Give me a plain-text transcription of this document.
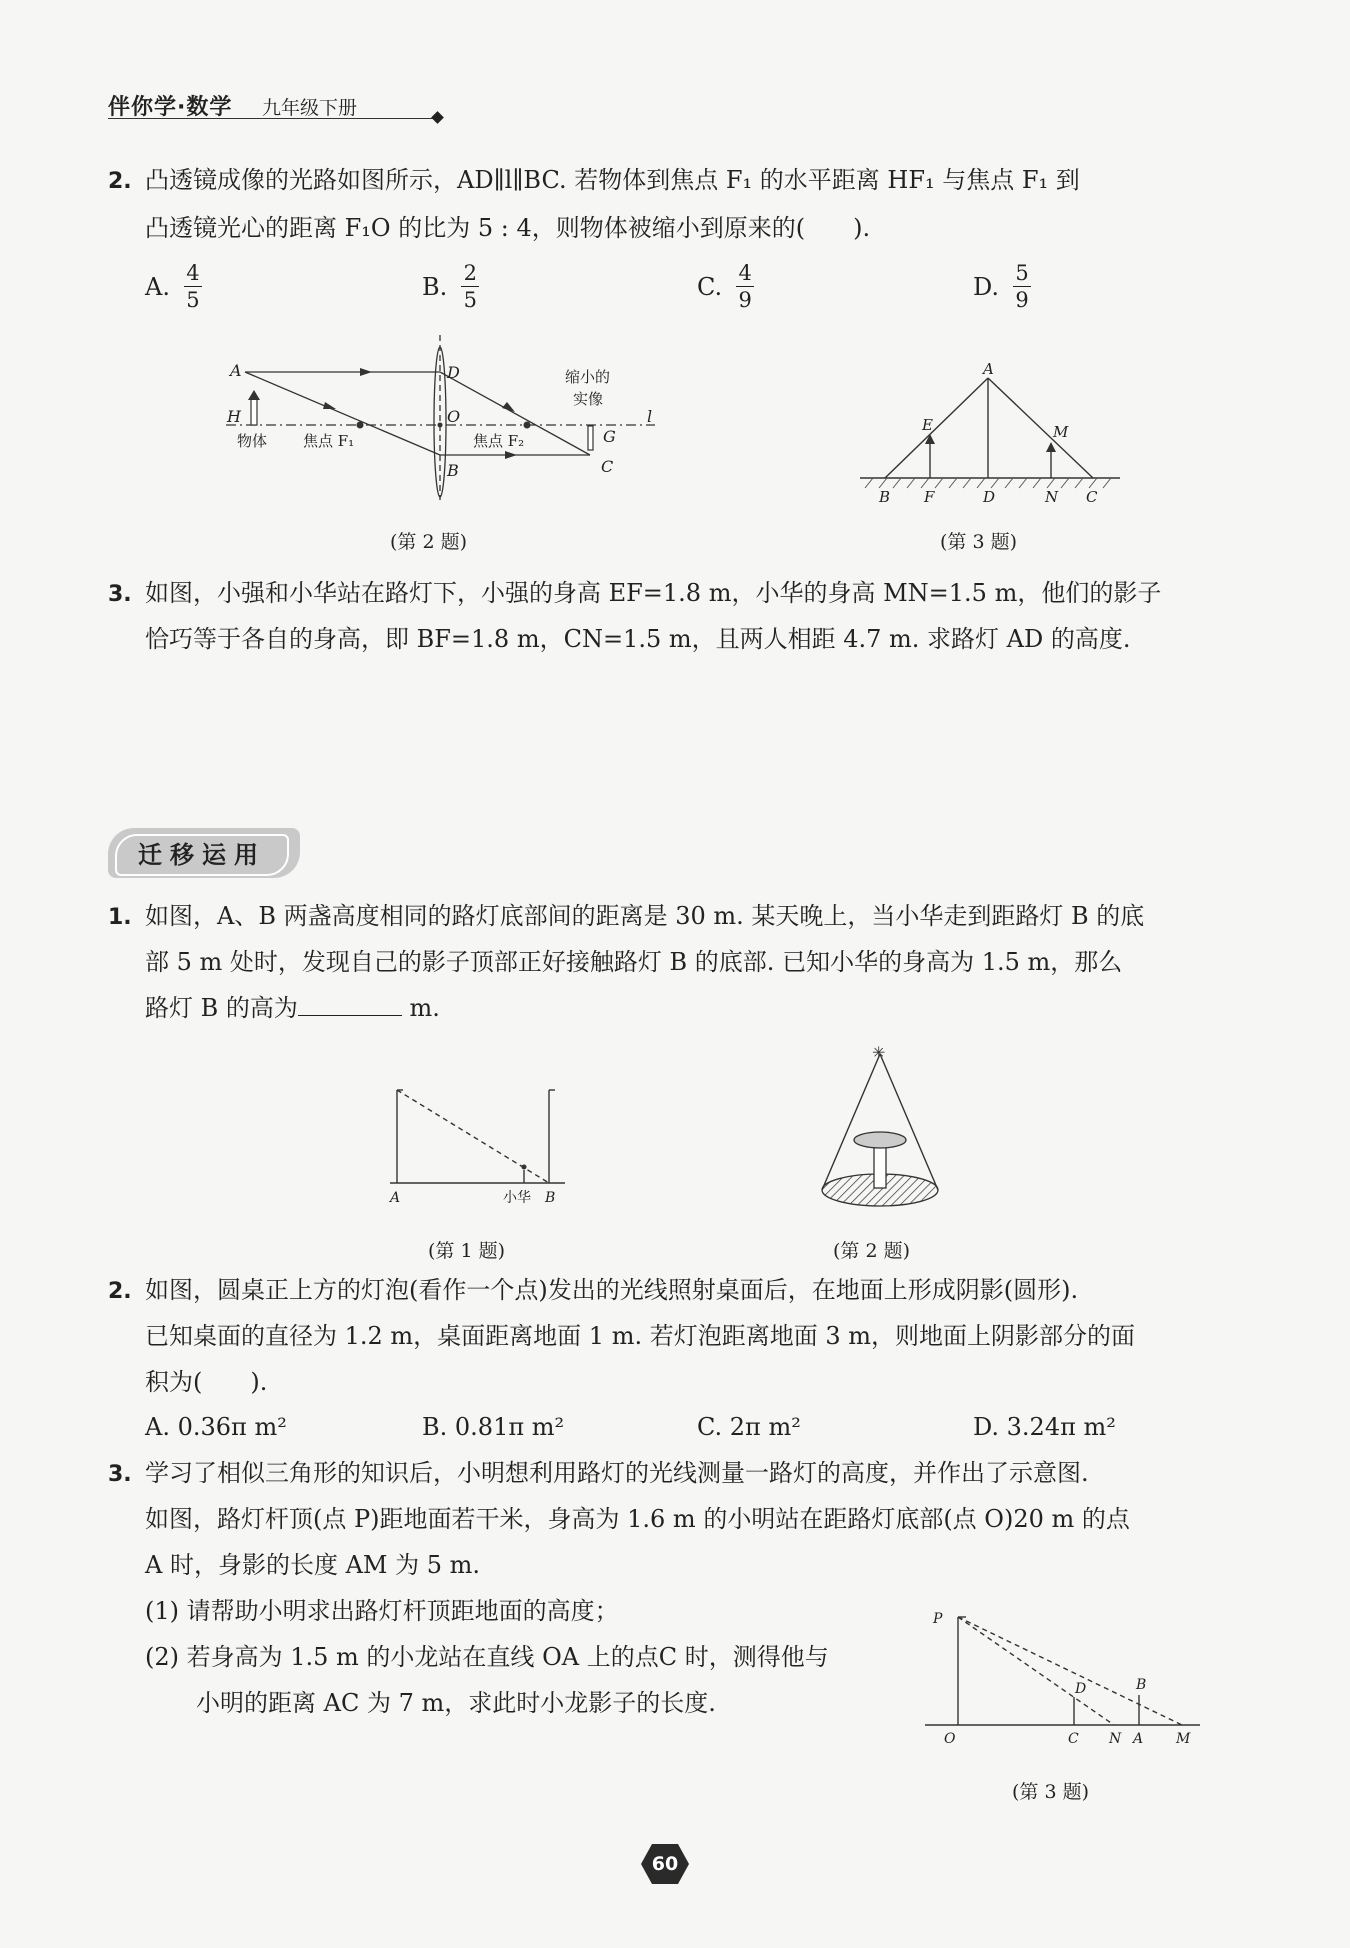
伴你学·数学 九年级下册
2. 凸透镜成像的光路如图所示，AD∥l∥BC. 若物体到焦点 F₁ 的水平距离 HF₁ 与焦点 F₁ 到
凸透镜光心的距离 F₁O 的比为 5 : 4，则物体被缩小到原来的(　　).
A. $\frac{4}{5}$	B. $\frac{2}{5}$	C. $\frac{4}{9}$	D. $\frac{5}{9}$
A	D
H	O
B
G
C
l
物体 焦点 F₁	焦点 F₂
缩小的
实像
(第 2 题)
A
E	M
B F	D	N C
(第 3 题)
3. 如图，小强和小华站在路灯下，小强的身高 EF=1.8 m，小华的身高 MN=1.5 m，他们的影子
恰巧等于各自的身高，即 BF=1.8 m，CN=1.5 m，且两人相距 4.7 m. 求路灯 AD 的高度.
迁移运用
1. 如图，A、B 两盏高度相同的路灯底部间的距离是 30 m. 某天晚上，当小华走到距路灯 B 的底
部 5 m 处时，发现自己的影子顶部正好接触路灯 B 的底部. 已知小华的身高为 1.5 m，那么
路灯 B 的高为	m.
A	小华 B
(第 1 题)
✳
(第 2 题)
2. 如图，圆桌正上方的灯泡(看作一个点)发出的光线照射桌面后，在地面上形成阴影(圆形).
已知桌面的直径为 1.2 m，桌面距离地面 1 m. 若灯泡距离地面 3 m，则地面上阴影部分的面
积为(　　).
A. 0.36π m²	B. 0.81π m²	C. 2π m²	D. 3.24π m²
3. 学习了相似三角形的知识后，小明想利用路灯的光线测量一路灯的高度，并作出了示意图.
如图，路灯杆顶(点 P)距地面若干米，身高为 1.6 m 的小明站在距路灯底部(点 O)20 m 的点
A 时，身影的长度 AM 为 5 m.
(1) 请帮助小明求出路灯杆顶距地面的高度；
(2) 若身高为 1.5 m 的小龙站在直线 OA 上的点C 时，测得他与
小明的距离 AC 为 7 m，求此时小龙影子的长度.
P
D	B
O	C N A M
(第 3 题)
60
